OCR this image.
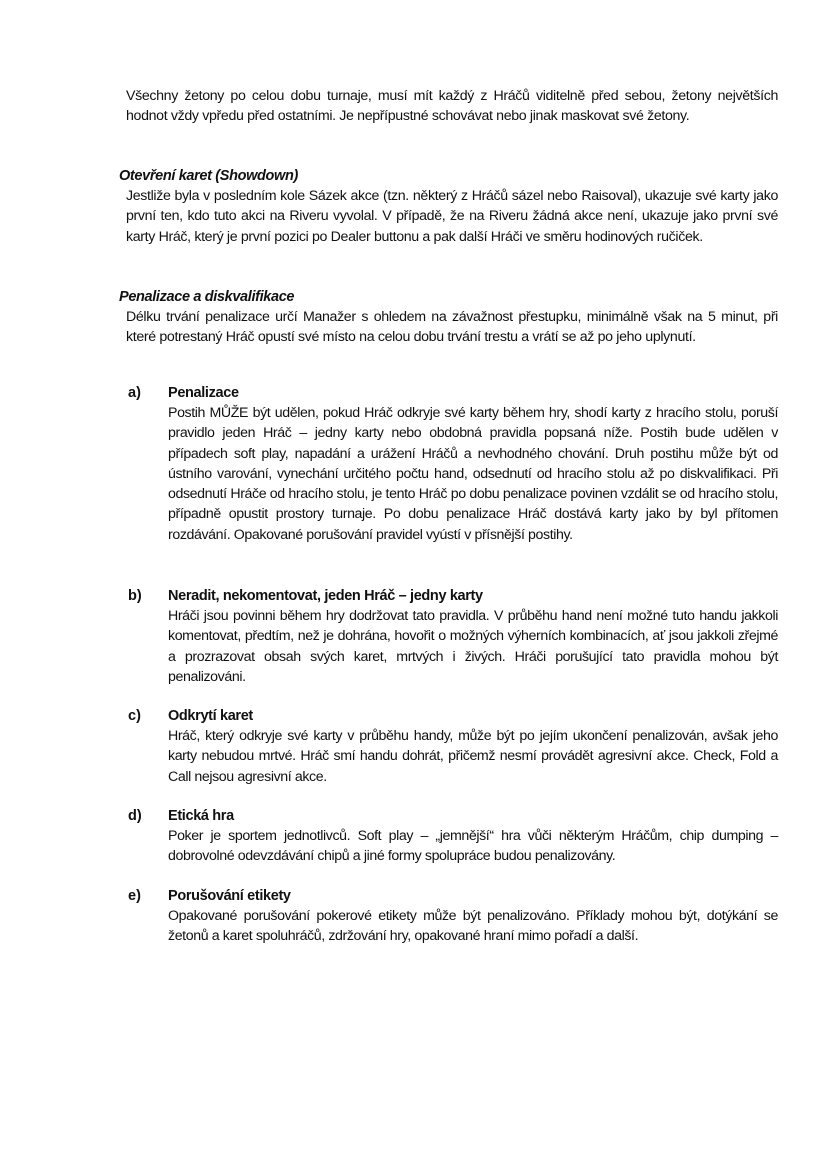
Všechny žetony po celou dobu turnaje, musí mít každý z Hráčů viditelně před sebou, žetony největších hodnot vždy vpředu před ostatními. Je nepřípustné schovávat nebo jinak maskovat své žetony.

Otevření karet (Showdown)

Jestliže byla v posledním kole Sázek akce (tzn. některý z Hráčů sázel nebo Raisoval), ukazuje své karty jako první ten, kdo tuto akci na Riveru vyvolal. V případě, že na Riveru žádná akce není, ukazuje jako první své karty Hráč, který je první pozici po Dealer buttonu a pak další Hráči ve směru hodinových ručiček.

Penalizace a diskvalifikace

Délku trvání penalizace určí Manažer s ohledem na závažnost přestupku, minimálně však na 5 minut, při které potrestaný Hráč opustí své místo na celou dobu trvání trestu a vrátí se až po jeho uplynutí.

a) Penalizace

Postih MŮŽE být udělen, pokud Hráč odkryje své karty během hry, shodí karty z hracího stolu, poruší pravidlo jeden Hráč – jedny karty nebo obdobná pravidla popsaná níže. Postih bude udělen v případech soft play, napadání a urážení Hráčů a nevhodného chování. Druh postihu může být od ústního varování, vynechání určitého počtu hand, odsednutí od hracího stolu až po diskvalifikaci. Při odsednutí Hráče od hracího stolu, je tento Hráč po dobu penalizace povinen vzdálit se od hracího stolu, případně opustit prostory turnaje. Po dobu penalizace Hráč dostává karty jako by byl přítomen rozdávání. Opakované porušování pravidel vyústí v přísnější postihy.

b) Neradit, nekomentovat, jeden Hráč – jedny karty

Hráči jsou povinni během hry dodržovat tato pravidla. V průběhu hand není možné tuto handu jakkoli komentovat, předtím, než je dohrána, hovořit o možných výherních kombinacích, ať jsou jakkoli zřejmé a prozrazovat obsah svých karet, mrtvých i živých. Hráči porušující tato pravidla mohou být penalizováni.

c) Odkrytí karet

Hráč, který odkryje své karty v průběhu handy, může být po jejím ukončení penalizován, avšak jeho karty nebudou mrtvé. Hráč smí handu dohrát, přičemž nesmí provádět agresivní akce. Check, Fold a Call nejsou agresivní akce.

d) Etická hra

Poker je sportem jednotlivců. Soft play – „jemnější“ hra vůči některým Hráčům, chip dumping – dobrovolné odevzdávání chipů a jiné formy spolupráce budou penalizovány.

e) Porušování etikety

Opakované porušování pokerové etikety může být penalizováno. Příklady mohou být, dotýkání se žetonů a karet spoluhráčů, zdržování hry, opakované hraní mimo pořadí a další.
